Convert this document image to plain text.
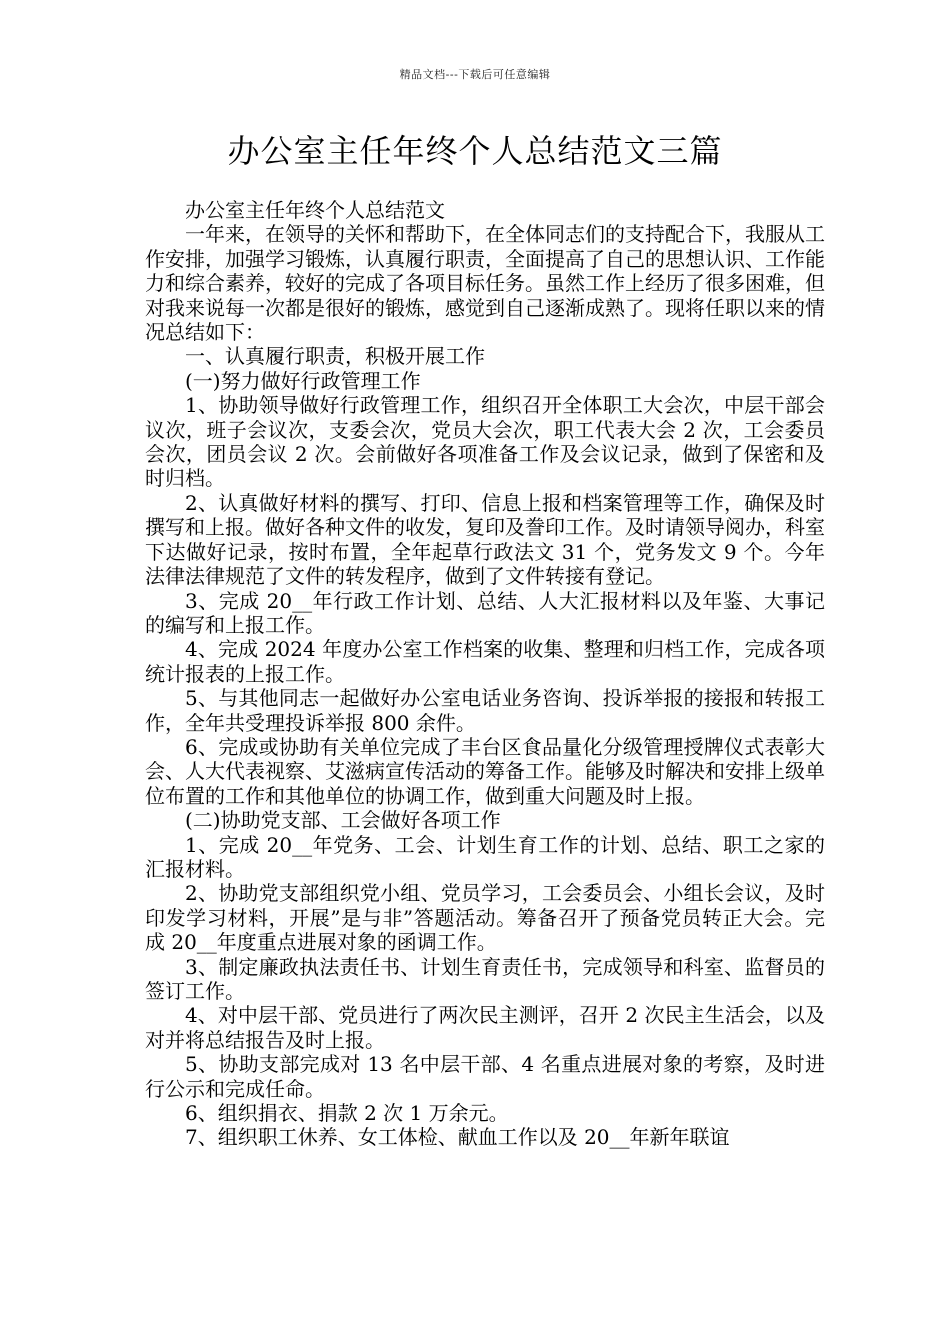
精品文档---下载后可任意编辑
办公室主任年终个人总结范文三篇

办公室主任年终个人总结范文

一年来，在领导的关怀和帮助下，在全体同志们的支持配合下，我服从工作安排，加强学习锻炼，认真履行职责，全面提高了自己的思想认识、工作能力和综合素养，较好的完成了各项目标任务。虽然工作上经历了很多困难，但对我来说每一次都是很好的锻炼，感觉到自己逐渐成熟了。现将任职以来的情况总结如下：

一、认真履行职责，积极开展工作

(一)努力做好行政管理工作

1、协助领导做好行政管理工作，组织召开全体职工大会次，中层干部会议次，班子会议次，支委会次，党员大会次，职工代表大会 2 次，工会委员会次，团员会议 2 次。会前做好各项准备工作及会议记录，做到了保密和及时归档。

2、认真做好材料的撰写、打印、信息上报和档案管理等工作，确保及时撰写和上报。做好各种文件的收发，复印及誊印工作。及时请领导阅办，科室下达做好记录，按时布置，全年起草行政法文 31 个，党务发文 9 个。今年法律法律规范了文件的转发程序，做到了文件转接有登记。

3、完成 20__年行政工作计划、总结、人大汇报材料以及年鉴、大事记的编写和上报工作。

4、完成 2024 年度办公室工作档案的收集、整理和归档工作，完成各项统计报表的上报工作。

5、与其他同志一起做好办公室电话业务咨询、投诉举报的接报和转报工作，全年共受理投诉举报 800 余件。

6、完成或协助有关单位完成了丰台区食品量化分级管理授牌仪式表彰大会、人大代表视察、艾滋病宣传活动的筹备工作。能够及时解决和安排上级单位布置的工作和其他单位的协调工作，做到重大问题及时上报。

(二)协助党支部、工会做好各项工作

1、完成 20__年党务、工会、计划生育工作的计划、总结、职工之家的汇报材料。

2、协助党支部组织党小组、党员学习，工会委员会、小组长会议，及时印发学习材料，开展”是与非”答题活动。筹备召开了预备党员转正大会。完成 20__年度重点进展对象的函调工作。

3、制定廉政执法责任书、计划生育责任书，完成领导和科室、监督员的签订工作。

4、对中层干部、党员进行了两次民主测评，召开 2 次民主生活会，以及对并将总结报告及时上报。

5、协助支部完成对 13 名中层干部、4 名重点进展对象的考察，及时进行公示和完成任命。

6、组织捐衣、捐款 2 次 1 万余元。

7、组织职工休养、女工体检、献血工作以及 20__年新年联谊
